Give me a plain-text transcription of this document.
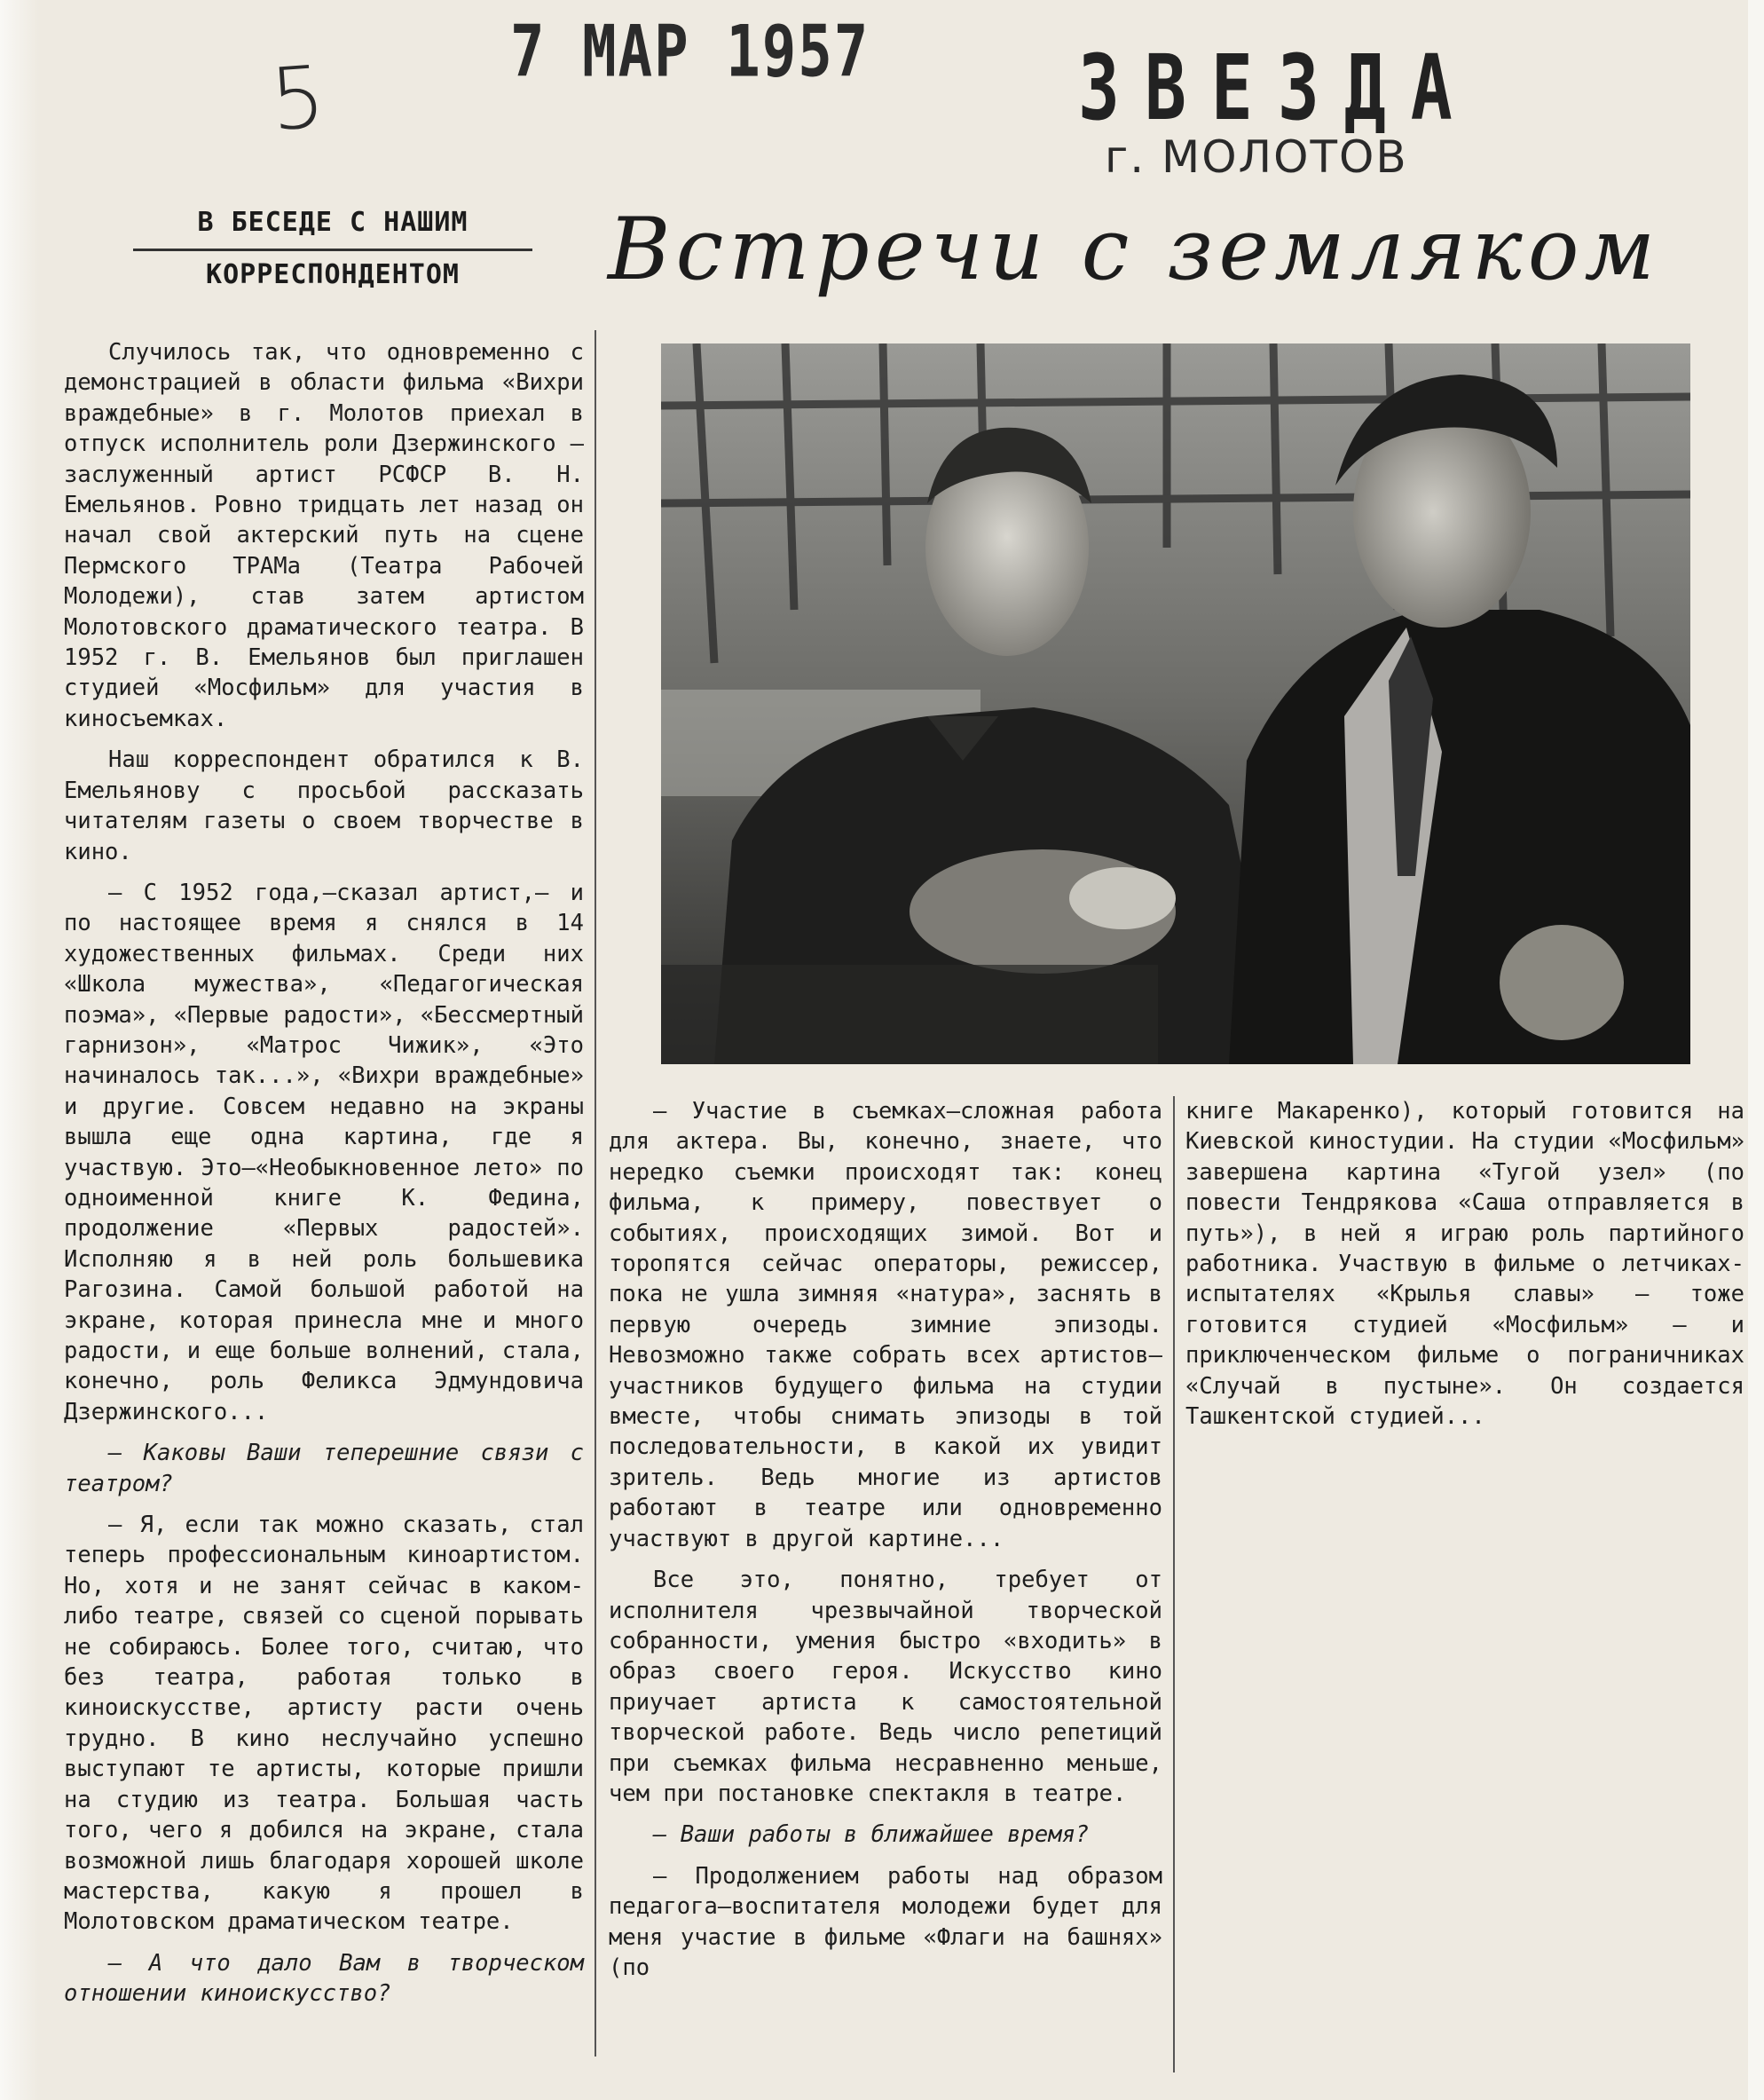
5	7 МАР 1957	ЗВЕЗДА
г. МОЛОТОВ
В БЕСЕДЕ С НАШИМ
КОРРЕСПОНДЕНТОМ	Встречи с земляком

Случилось так, что одновременно с демонстрацией в области фильма «Вихри враждебные» в г. Молотов приехал в отпуск исполнитель роли Дзержинского — заслуженный артист РСФСР В. Н. Емельянов. Ровно тридцать лет назад он начал свой актерский путь на сцене Пермского ТРАМа (Театра Рабочей Молодежи), став затем артистом Молотовского драматического театра. В 1952 г. В. Емельянов был приглашен студией «Мосфильм» для участия в киносъемках.

Наш корреспондент обратился к В. Емельянову с просьбой рассказать читателям газеты о своем творчестве в кино.

— С 1952 года,—сказал артист,— и по настоящее время я снялся в 14 художественных фильмах. Среди них «Школа мужества», «Педагогическая поэма», «Первые радости», «Бессмертный гарнизон», «Матрос Чижик», «Это начиналось так...», «Вихри враждебные» и другие. Совсем недавно на экраны вышла еще одна картина, где я участвую. Это—«Необыкновенное лето» по одноименной книге К. Федина, продолжение «Первых радостей». Исполняю я в ней роль большевика Рагозина. Самой большой работой на экране, которая принесла мне и много радости, и еще больше волнений, стала, конечно, роль Феликса Эдмундовича Дзержинского...

— Каковы Ваши теперешние связи с театром?

— Я, если так можно сказать, стал теперь профессиональным киноартистом. Но, хотя и не занят сейчас в каком-либо театре, связей со сценой порывать не собираюсь. Более того, считаю, что без театра, работая только в киноискусстве, артисту расти очень трудно. В кино неслучайно успешно выступают те артисты, которые пришли на студию из театра. Большая часть того, чего я добился на экране, стала возможной лишь благодаря хорошей школе мастерства, какую я прошел в Молотовском драматическом театре.

— А что дало Вам в творческом отношении киноискусство?

— Участие в съемках—сложная работа для актера. Вы, конечно, знаете, что нередко съемки происходят так: конец фильма, к примеру, повествует о событиях, происходящих зимой. Вот и торопятся сейчас операторы, режиссер, пока не ушла зимняя «натура», заснять в первую очередь зимние эпизоды. Невозможно также собрать всех артистов—участников будущего фильма на студии вместе, чтобы снимать эпизоды в той последовательности, в какой их увидит зритель. Ведь многие из артистов работают в театре или одновременно участвуют в другой картине...

Все это, понятно, требует от исполнителя чрезвычайной творческой собранности, умения быстро «входить» в образ своего героя. Искусство кино приучает артиста к самостоятельной творческой работе. Ведь число репетиций при съемках фильма несравненно меньше, чем при постановке спектакля в театре.

— Ваши работы в ближайшее время?

— Продолжением работы над образом педагога—воспитателя молодежи будет для меня участие в фильме «Флаги на башнях» (по

книге Макаренко), который готовится на Киевской киностудии. На студии «Мосфильм» завершена картина «Тугой узел» (по повести Тендрякова «Саша отправляется в путь»), в ней я играю роль партийного работника. Участвую в фильме о летчиках-испытателях «Крылья славы» — тоже готовится студией «Мосфильм» — и приключенческом фильме о пограничниках «Случай в пустыне». Он создается Ташкентской студией...
